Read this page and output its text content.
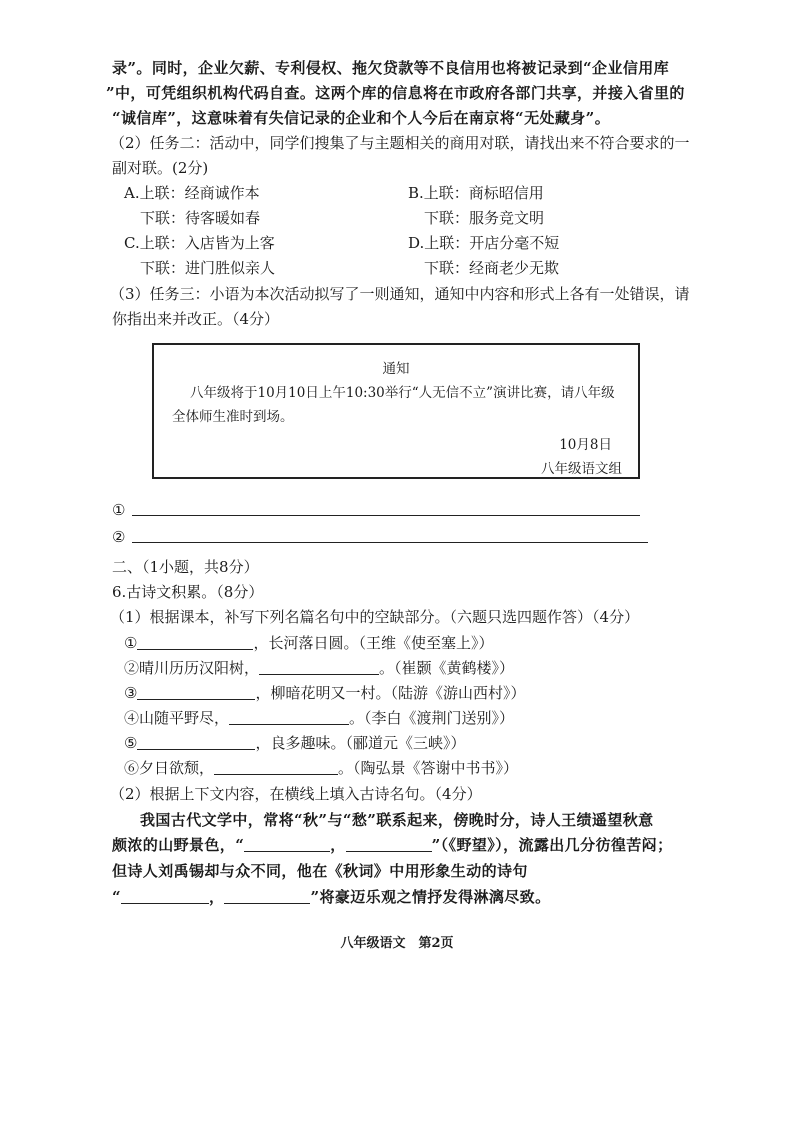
录”。同时，企业欠薪、专利侵权、拖欠贷款等不良信用也将被记录到“企业信用库
”中，可凭组织机构代码自查。这两个库的信息将在市政府各部门共享，并接入省里的
“诚信库”，这意味着有失信记录的企业和个人今后在南京将“无处藏身”。
（2）任务二：活动中，同学们搜集了与主题相关的商用对联，请找出来不符合要求的一
副对联。(2分)
A.上联：经商诚作本	B.上联：商标昭信用
下联：待客暖如春	下联：服务竞文明
C.上联：入店皆为上客	D.上联：开店分毫不短
下联：进门胜似亲人	下联：经商老少无欺
（3）任务三：小语为本次活动拟写了一则通知，通知中内容和形式上各有一处错误，请
你指出来并改正。（4分）
通知
八年级将于10月10日上午10:30举行“人无信不立”演讲比赛，请八年级
全体师生准时到场。
10月8日
八年级语文组
①
②
二、（1小题，共8分）
6.古诗文积累。（8分）
（1）根据课本，补写下列名篇名句中的空缺部分。（六题只选四题作答）（4分）
①	，长河落日圆。（王维《使至塞上》）
②晴川历历汉阳树，	。（崔颢《黄鹤楼》）
③	，柳暗花明又一村。（陆游《游山西村》）
④山随平野尽，	。（李白《渡荆门送别》）
⑤	，良多趣味。（郦道元《三峡》）
⑥夕日欲颓，	。（陶弘景《答谢中书书》）
（2）根据上下文内容，在横线上填入古诗名句。（4分）
我国古代文学中，常将“秋”与“愁”联系起来，傍晚时分，诗人王绩遥望秋意
颇浓的山野景色，“	，	”（《野望》），流露出几分彷徨苦闷；
但诗人刘禹锡却与众不同，他在《秋词》中用形象生动的诗句
“	，	”将豪迈乐观之情抒发得淋漓尽致。
八年级语文　第2页
